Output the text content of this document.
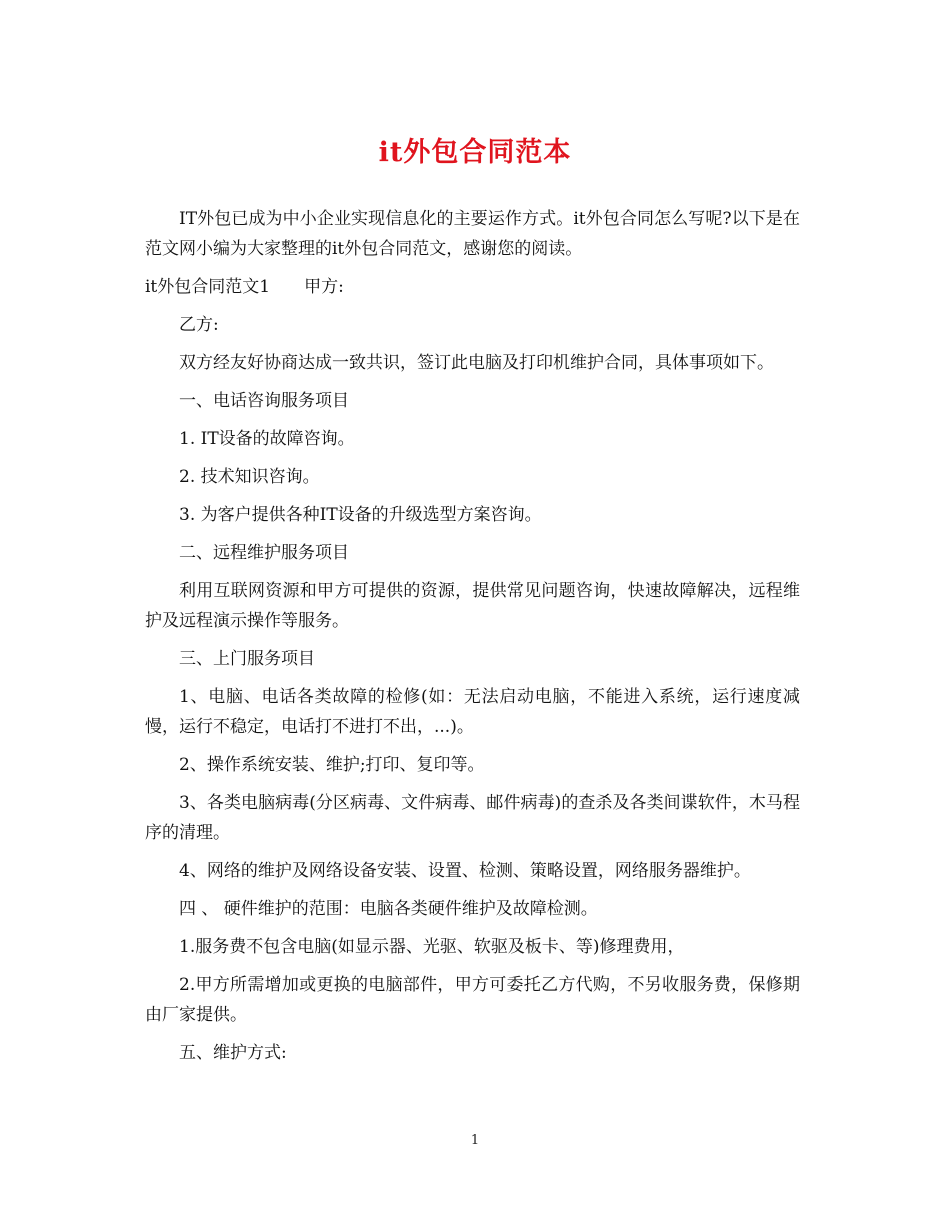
it外包合同范本

IT外包已成为中小企业实现信息化的主要运作方式。it外包合同怎么写呢?以下是在范文网小编为大家整理的it外包合同范文，感谢您的阅读。

it外包合同范文1 甲方:

乙方:

双方经友好协商达成一致共识，签订此电脑及打印机维护合同，具体事项如下。

一、电话咨询服务项目

1. IT设备的故障咨询。

2. 技术知识咨询。

3. 为客户提供各种IT设备的升级选型方案咨询。

二、远程维护服务项目

利用互联网资源和甲方可提供的资源，提供常见问题咨询，快速故障解决，远程维护及远程演示操作等服务。

三、上门服务项目

1、电脑、电话各类故障的检修(如：无法启动电脑，不能进入系统，运行速度减慢，运行不稳定，电话打不进打不出，...)。

2、操作系统安装、维护;打印、复印等。

3、各类电脑病毒(分区病毒、文件病毒、邮件病毒)的查杀及各类间谍软件，木马程序的清理。

4、网络的维护及网络设备安装、设置、检测、策略设置，网络服务器维护。

四 、 硬件维护的范围：电脑各类硬件维护及故障检测。

1.服务费不包含电脑(如显示器、光驱、软驱及板卡、等)修理费用，

2.甲方所需增加或更换的电脑部件，甲方可委托乙方代购，不另收服务费，保修期由厂家提供。

五、维护方式:

1
